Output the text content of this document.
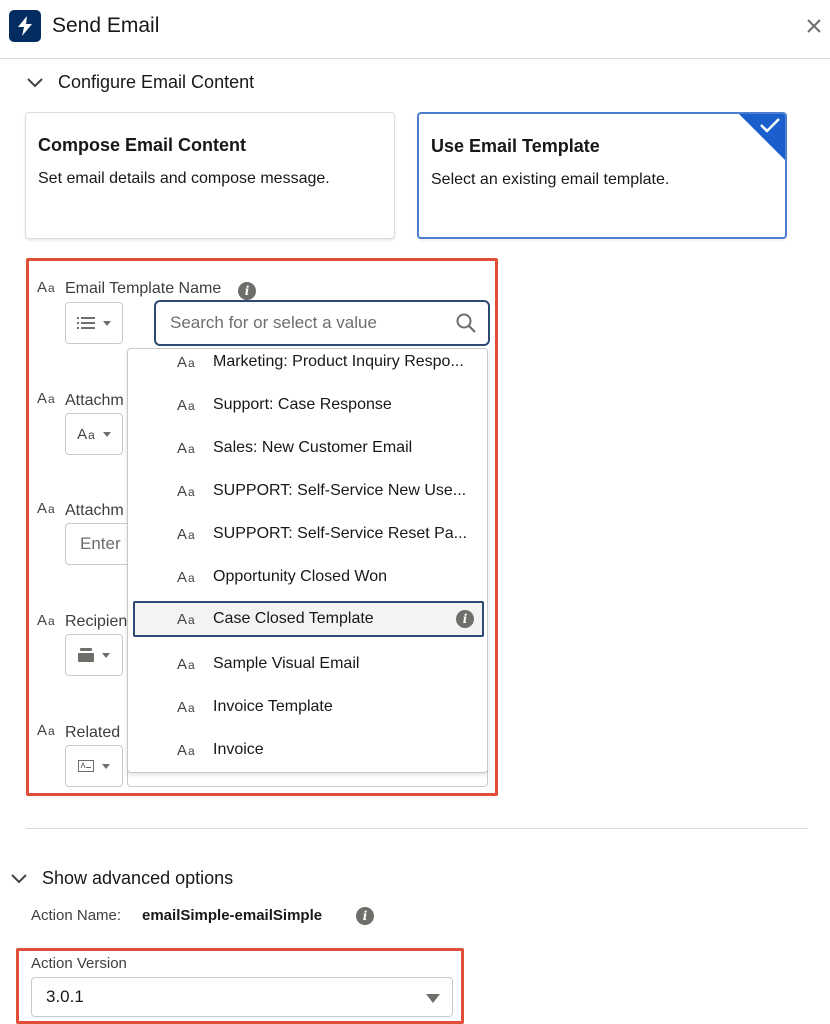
Send Email
Configure Email Content
Compose Email Content
Set email details and compose message.
Use Email Template
Select an existing email template.
A a Email Template Name	i
Search for or select a value
A a Attachm
A a
A a Attachm
Enter
A a Recipien
A a Related
A a Marketing: Product Inquiry Respo...
A a Support: Case Response
A a Sales: New Customer Email
A a SUPPORT: Self-Service New Use...
A a SUPPORT: Self-Service Reset Pa...
A a Opportunity Closed Won
A a Case Closed Template	i
A a Sample Visual Email
A a Invoice Template
A a Invoice
Show advanced options
Action Name: emailSimple-emailSimple	i
Action Version
3.0.1
